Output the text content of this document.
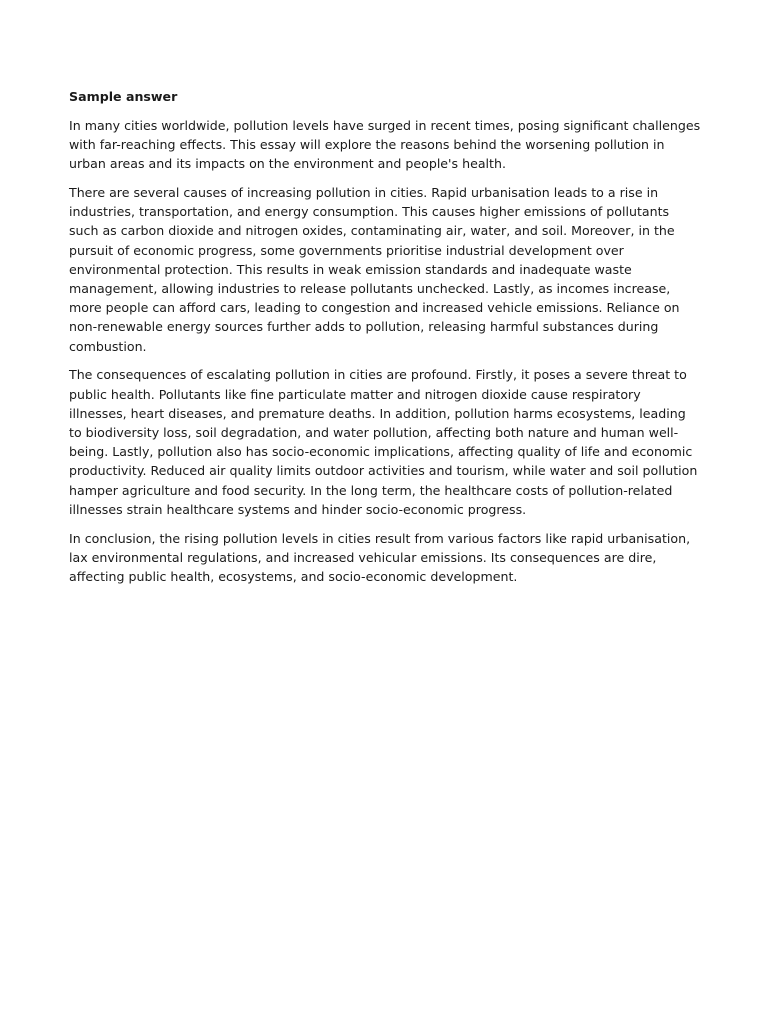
Sample answer

In many cities worldwide, pollution levels have surged in recent times, posing significant challenges with far-reaching effects. This essay will explore the reasons behind the worsening pollution in urban areas and its impacts on the environment and people's health.

There are several causes of increasing pollution in cities. Rapid urbanisation leads to a rise in industries, transportation, and energy consumption. This causes higher emissions of pollutants such as carbon dioxide and nitrogen oxides, contaminating air, water, and soil. Moreover, in the pursuit of economic progress, some governments prioritise industrial development over environmental protection. This results in weak emission standards and inadequate waste management, allowing industries to release pollutants unchecked. Lastly, as incomes increase, more people can afford cars, leading to congestion and increased vehicle emissions. Reliance on non-renewable energy sources further adds to pollution, releasing harmful substances during combustion.

The consequences of escalating pollution in cities are profound. Firstly, it poses a severe threat to public health. Pollutants like fine particulate matter and nitrogen dioxide cause respiratory illnesses, heart diseases, and premature deaths. In addition, pollution harms ecosystems, leading to biodiversity loss, soil degradation, and water pollution, affecting both nature and human well-being. Lastly, pollution also has socio-economic implications, affecting quality of life and economic productivity. Reduced air quality limits outdoor activities and tourism, while water and soil pollution hamper agriculture and food security. In the long term, the healthcare costs of pollution-related illnesses strain healthcare systems and hinder socio-economic progress.

In conclusion, the rising pollution levels in cities result from various factors like rapid urbanisation, lax environmental regulations, and increased vehicular emissions. Its consequences are dire, affecting public health, ecosystems, and socio-economic development.
